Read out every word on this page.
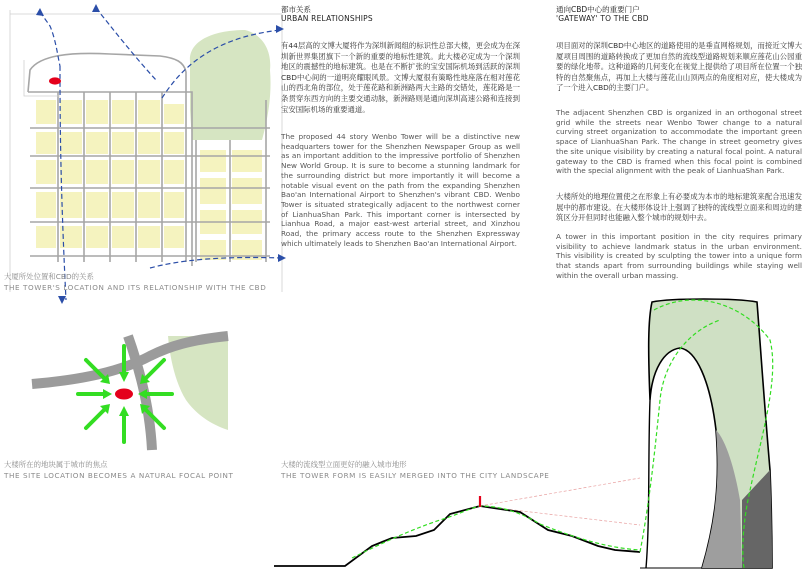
大厦所处位置和CBD的关系
THE TOWER'S LOCATION AND ITS RELATIONSHIP WITH THE CBD
大楼所在的地块属于城市的焦点
THE SITE LOCATION BECOMES A NATURAL FOCAL POINT
都市关系
URBAN RELATIONSHIPS
有44层高的文博大厦将作为深圳新闻组的标识性总部大楼，更会成为在深圳新世界集团旗下一个新的重要的地标性建筑。此大楼必定成为一个深圳地区的震撼性的地标建筑。也是在不断扩张的宝安国际机场到活跃的深圳CBD中心间的一道明亮耀眼风景。文博大厦很有策略性地座落在相对莲花山的西北角的部位，处于莲花路和新洲路两大主路的交错处，莲花路是一条贯穿东西方向的主要交通动脉，新洲路则是通向深圳高速公路和连接到宝安国际机场的重要通道。
The proposed 44 story Wenbo Tower will be a distinctive new headquarters tower for the Shenzhen Newspaper Group as well as an important addition to the impressive portfolio of Shenzhen New World Group. It is sure to become a stunning landmark for the surrounding district but more importantly it will become a notable visual event on the path from the expanding Shenzhen Bao'an International Airport to Shenzhen's vibrant CBD. Wenbo Tower is situated strategically adjacent to the northwest corner of LianhuaShan Park. This important corner is intersected by Lianhua Road, a major east-west arterial street, and Xinzhou Road, the primary access route to the Shenzhen Expressway which ultimately leads to Shenzhen Bao'an International Airport.
大楼的流线型立面更好的融入城市地形
THE TOWER FORM IS EASILY MERGED INTO THE CITY LANDSCAPE
通向CBD中心的重要门户
'GATEWAY' TO THE CBD
项目面对的深圳CBD中心地区的道路使用的是垂直网格规划，而接近文博大厦项目周围的道路转换成了更加自然的流线型道路规划来顺应莲花山公园重要的绿化地带。这种道路的几何变化在视觉上提供给了项目所在位置一个独特的自然聚焦点，再加上大楼与莲花山山顶两点的角度相对应，使大楼成为了一个进入CBD的主要门户。
The adjacent Shenzhen CBD is organized in an orthogonal street grid while the streets near Wenbo Tower change to a natural curving street organization to accommodate the important green space of LianhuaShan Park. The change in street geometry gives the site unique visibility by creating a natural focal point. A natural gateway to the CBD is framed when this focal point is combined with the special alignment with the peak of LianhuaShan Park.
大楼所处的地理位置使之在形象上有必要成为本市的地标建筑来配合迅速发展中的都市建设。在大楼形体设计上强调了独特的流线型立面来和周边的建筑区分开但同时也能融入整个城市的规划中去。
A tower in this important position in the city requires primary visibility to achieve landmark status in the urban environment. This visibility is created by sculpting the tower into a unique form that stands apart from surrounding buildings while staying well within the overall urban massing.
